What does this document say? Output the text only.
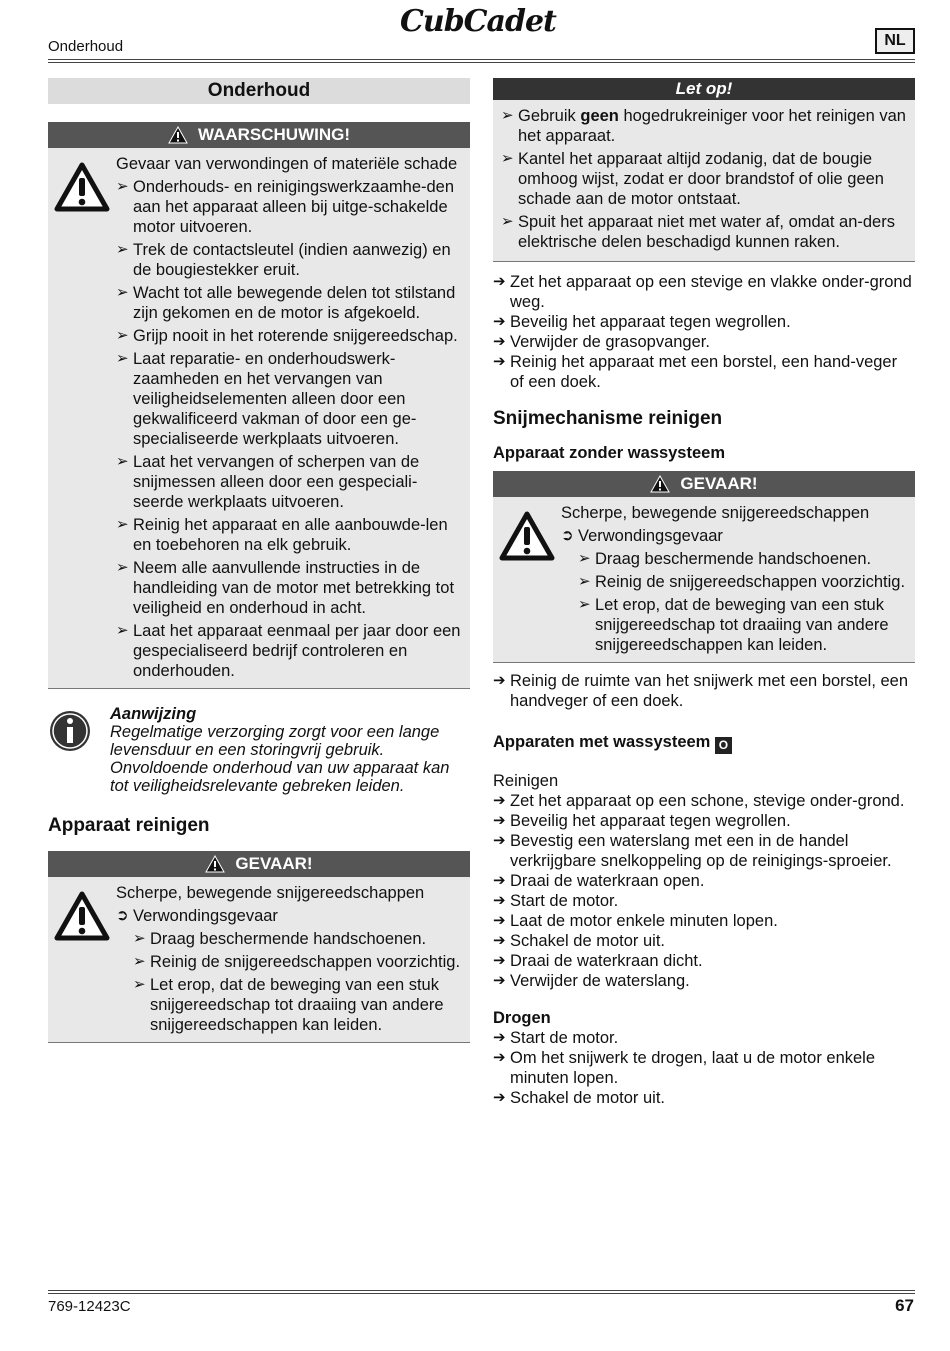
Onderhoud
CubCadet
NL
Onderhoud
WAARSCHUWING!

Gevaar van verwondingen of materiële schade

➢ Onderhouds- en reinigingswerkzaamhe-den aan het apparaat alleen bij uitge-schakelde motor uitvoeren.
➢ Trek de contactsleutel (indien aanwezig) en de bougiestekker eruit.
➢ Wacht tot alle bewegende delen tot stilstand zijn gekomen en de motor is afgekoeld.
➢ Grijp nooit in het roterende snijgereedschap.
➢ Laat reparatie- en onderhoudswerk-zaamheden en het vervangen van veiligheidselementen alleen door een gekwalificeerd vakman of door een ge-specialiseerde werkplaats uitvoeren.
➢ Laat het vervangen of scherpen van de snijmessen alleen door een gespeciali-seerde werkplaats uitvoeren.
➢ Reinig het apparaat en alle aanbouwde-len en toebehoren na elk gebruik.
➢ Neem alle aanvullende instructies in de handleiding van de motor met betrekking tot veiligheid en onderhoud in acht.
➢ Laat het apparaat eenmaal per jaar door een gespecialiseerd bedrijf controleren en onderhouden.
Aanwijzing
Regelmatige verzorging zorgt voor een lange levensduur en een storingvrij gebruik. Onvoldoende onderhoud van uw apparaat kan tot veiligheidsrelevante gebreken leiden.
Apparaat reinigen
GEVAAR!

Scherpe, bewegende snijgereedschappen

➲ Verwondingsgevaar
➢ Draag beschermende handschoenen.
➢ Reinig de snijgereedschappen voorzichtig.
➢ Let erop, dat de beweging van een stuk snijgereedschap tot draaiing van andere snijgereedschappen kan leiden.
Let op!
➢ Gebruik geen hogedrukreiniger voor het reinigen van het apparaat.
➢ Kantel het apparaat altijd zodanig, dat de bougie omhoog wijst, zodat er door brandstof of olie geen schade aan de motor ontstaat.
➢ Spuit het apparaat niet met water af, omdat an-ders elektrische delen beschadigd kunnen raken.
➔ Zet het apparaat op een stevige en vlakke onder-grond weg.
➔ Beveilig het apparaat tegen wegrollen.
➔ Verwijder de grasopvanger.
➔ Reinig het apparaat met een borstel, een hand-veger of een doek.
Snijmechanisme reinigen
Apparaat zonder wassysteem
GEVAAR!

Scherpe, bewegende snijgereedschappen

➲ Verwondingsgevaar
➢ Draag beschermende handschoenen.
➢ Reinig de snijgereedschappen voorzichtig.
➢ Let erop, dat de beweging van een stuk snijgereedschap tot draaiing van andere snijgereedschappen kan leiden.
➔ Reinig de ruimte van het snijwerk met een borstel, een handveger of een doek.
Apparaten met wassysteem O
Reinigen
➔ Zet het apparaat op een schone, stevige onder-grond.
➔ Beveilig het apparaat tegen wegrollen.
➔ Bevestig een waterslang met een in de handel verkrijgbare snelkoppeling op de reinigings-sproeier.
➔ Draai de waterkraan open.
➔ Start de motor.
➔ Laat de motor enkele minuten lopen.
➔ Schakel de motor uit.
➔ Draai de waterkraan dicht.
➔ Verwijder de waterslang.
Drogen
➔ Start de motor.
➔ Om het snijwerk te drogen, laat u de motor enkele minuten lopen.
➔ Schakel de motor uit.
769-12423C	67
